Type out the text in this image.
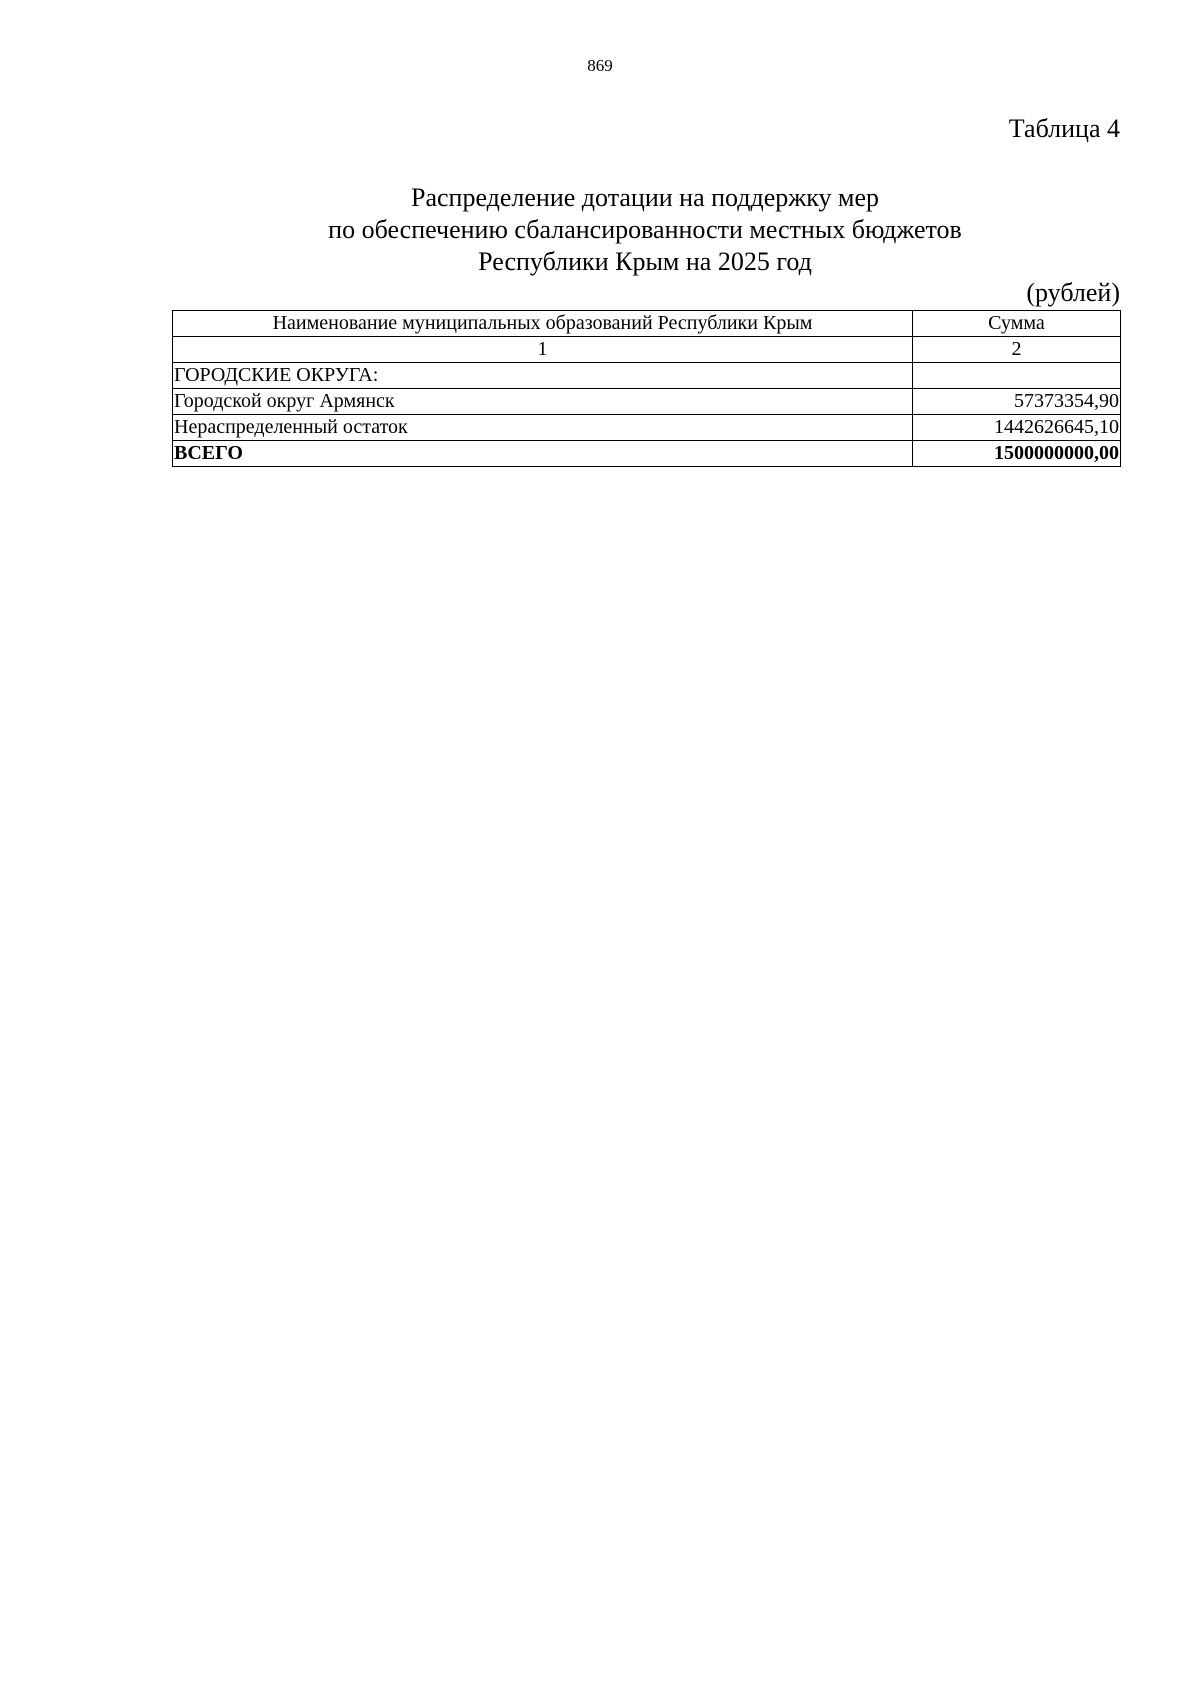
869
Таблица 4
Распределение дотации на поддержку мер
по обеспечению сбалансированности местных бюджетов
Республики Крым на 2025 год
(рублей)
Наименование муниципальных образований Республики Крым	Сумма
1	2
ГОРОДСКИЕ ОКРУГА:	
Городской округ Армянск	57373354,90
Нераспределенный остаток	1442626645,10
ВСЕГО	1500000000,00
